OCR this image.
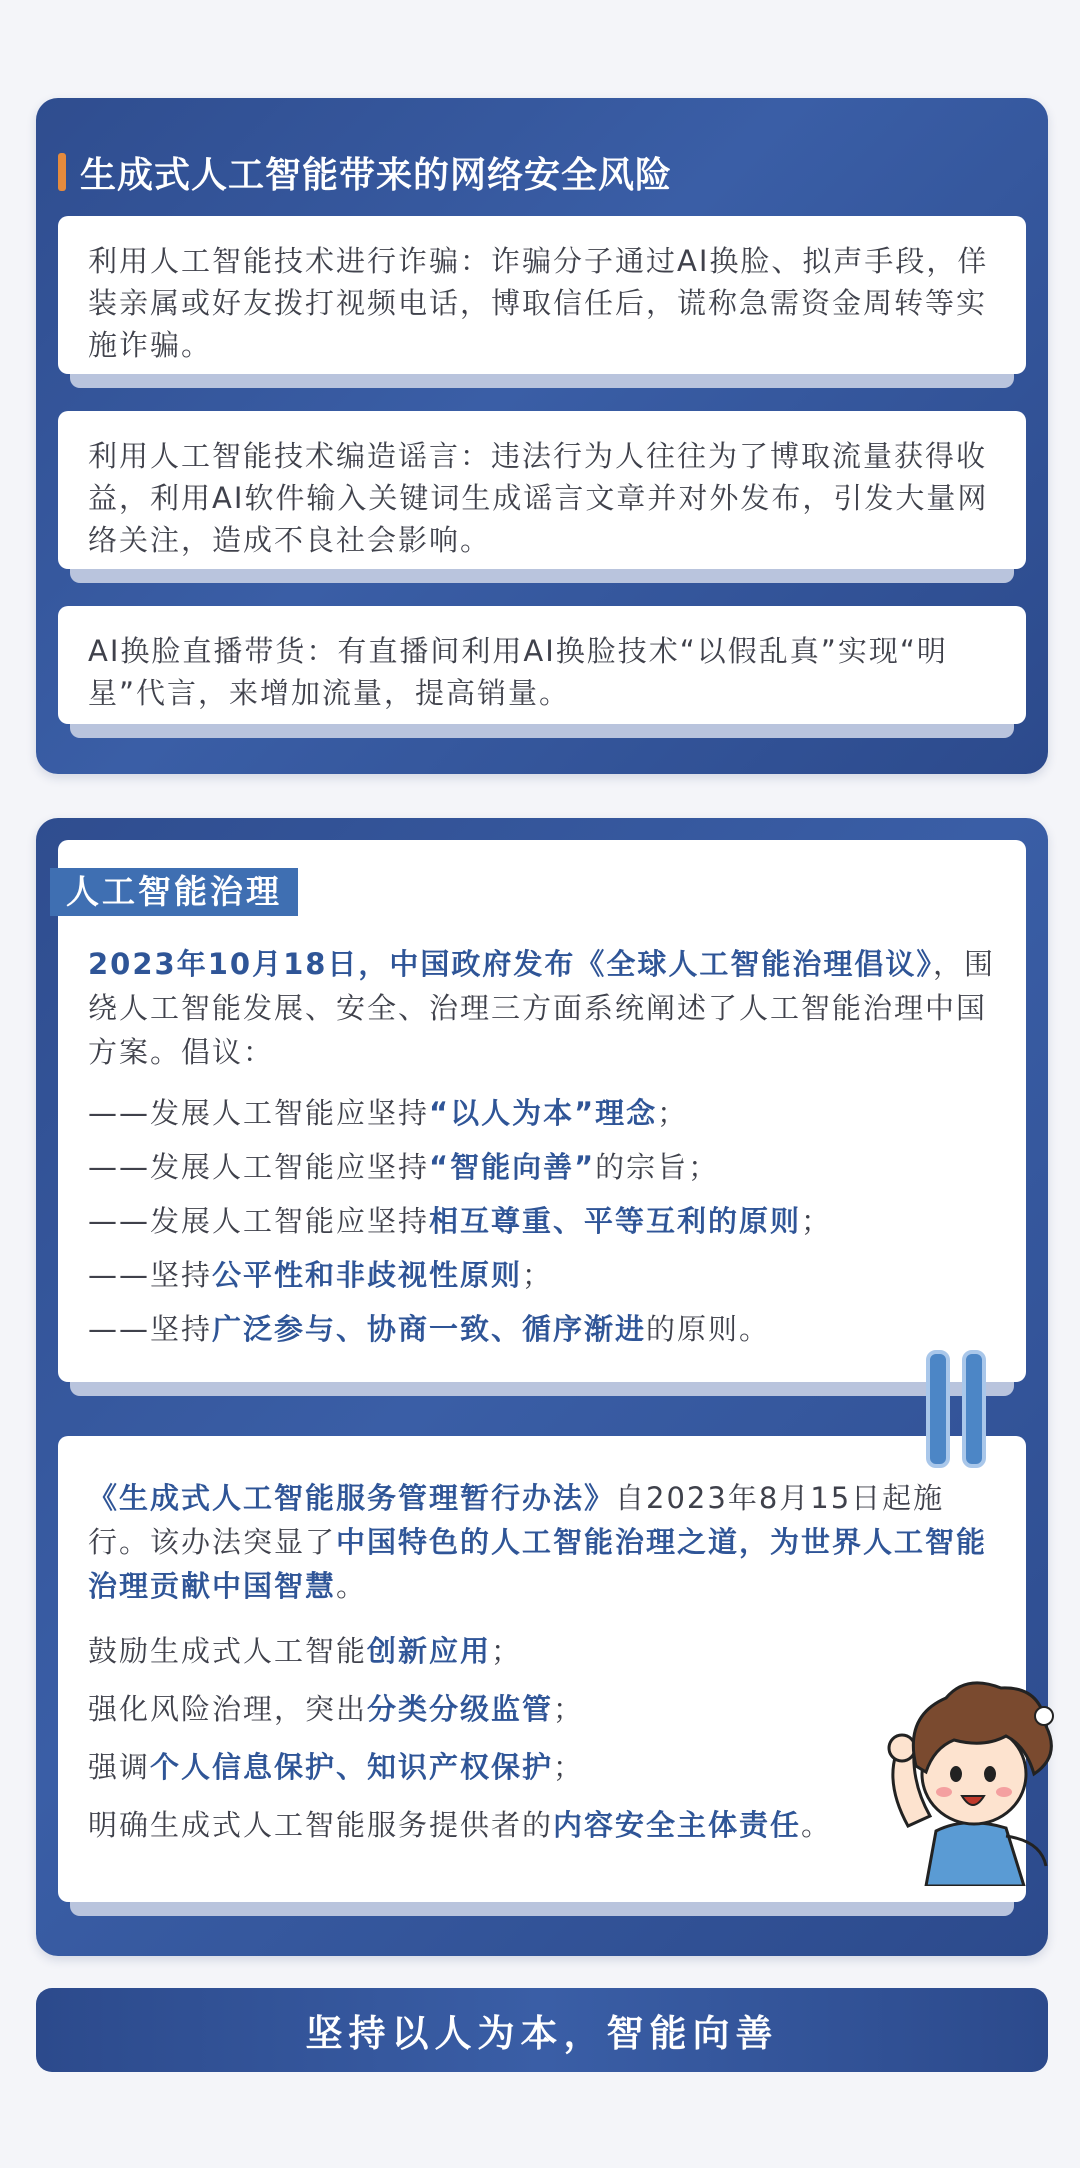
生成式人工智能带来的网络安全风险

利用人工智能技术进行诈骗：诈骗分子通过AI换脸、拟声手段，佯装亲属或好友拨打视频电话，博取信任后，谎称急需资金周转等实施诈骗。

利用人工智能技术编造谣言：违法行为人往往为了博取流量获得收益，利用AI软件输入关键词生成谣言文章并对外发布，引发大量网络关注，造成不良社会影响。

AI换脸直播带货：有直播间利用AI换脸技术“以假乱真”实现“明星”代言，来增加流量，提高销量。

2023年10月18日，中国政府发布《全球人工智能治理倡议》，围绕人工智能发展、安全、治理三方面系统阐述了人工智能治理中国方案。倡议：

——发展人工智能应坚持“以人为本”理念；
——发展人工智能应坚持“智能向善”的宗旨；
——发展人工智能应坚持相互尊重、平等互利的原则；
——坚持公平性和非歧视性原则；
——坚持广泛参与、协商一致、循序渐进的原则。
人工智能治理

《生成式人工智能服务管理暂行办法》自2023年8月15日起施行。该办法突显了中国特色的人工智能治理之道，为世界人工智能治理贡献中国智慧。

鼓励生成式人工智能创新应用；
强化风险治理，突出分类分级监管；
强调个人信息保护、知识产权保护；
明确生成式人工智能服务提供者的内容安全主体责任。
坚持以人为本，智能向善
